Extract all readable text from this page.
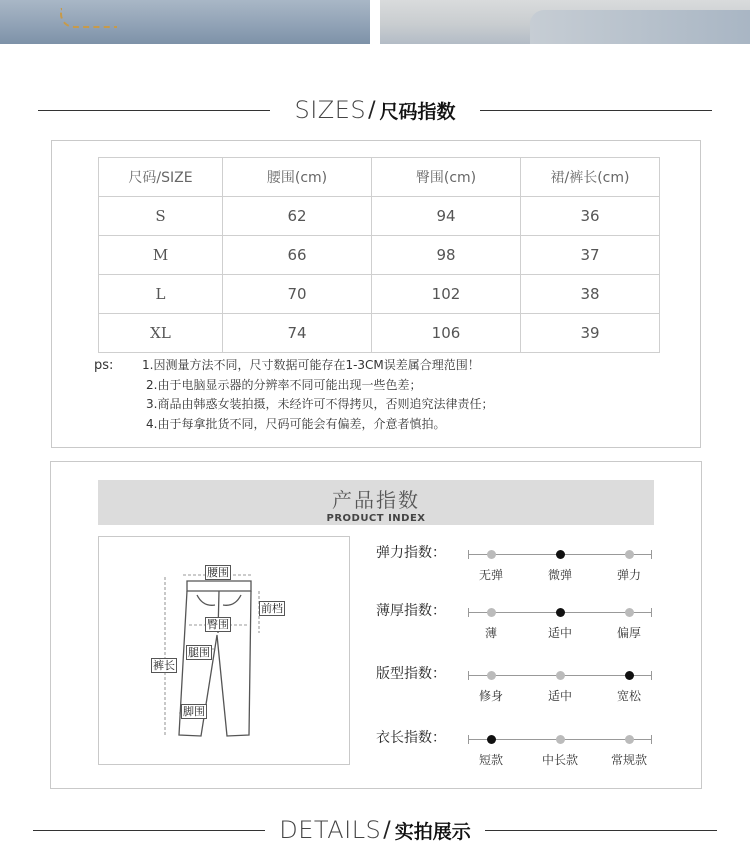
SIZES / 尺码指数
尺码/SIZE	腰围(cm)	臀围(cm)	裙/裤长(cm)
S	62	94	36
M	66	98	37
L	70	102	38
XL	74	106	39
ps: 1.因测量方法不同，尺寸数据可能存在1-3CM误差属合理范围！
2.由于电脑显示器的分辨率不同可能出现一些色差；
3.商品由韩惑女装拍摄，未经许可不得拷贝，否则追究法律责任；
4.由于每拿批货不同，尺码可能会有偏差，介意者慎拍。
产品指数
PRODUCT INDEX
腰围
前档
臀围
腿围
裤长
脚围
弹力指数：
无弹	微弹	弹力
薄厚指数：
薄	适中	偏厚
版型指数：
修身	适中	宽松
衣长指数：
短款	中长款	常规款
DETAILS / 实拍展示
